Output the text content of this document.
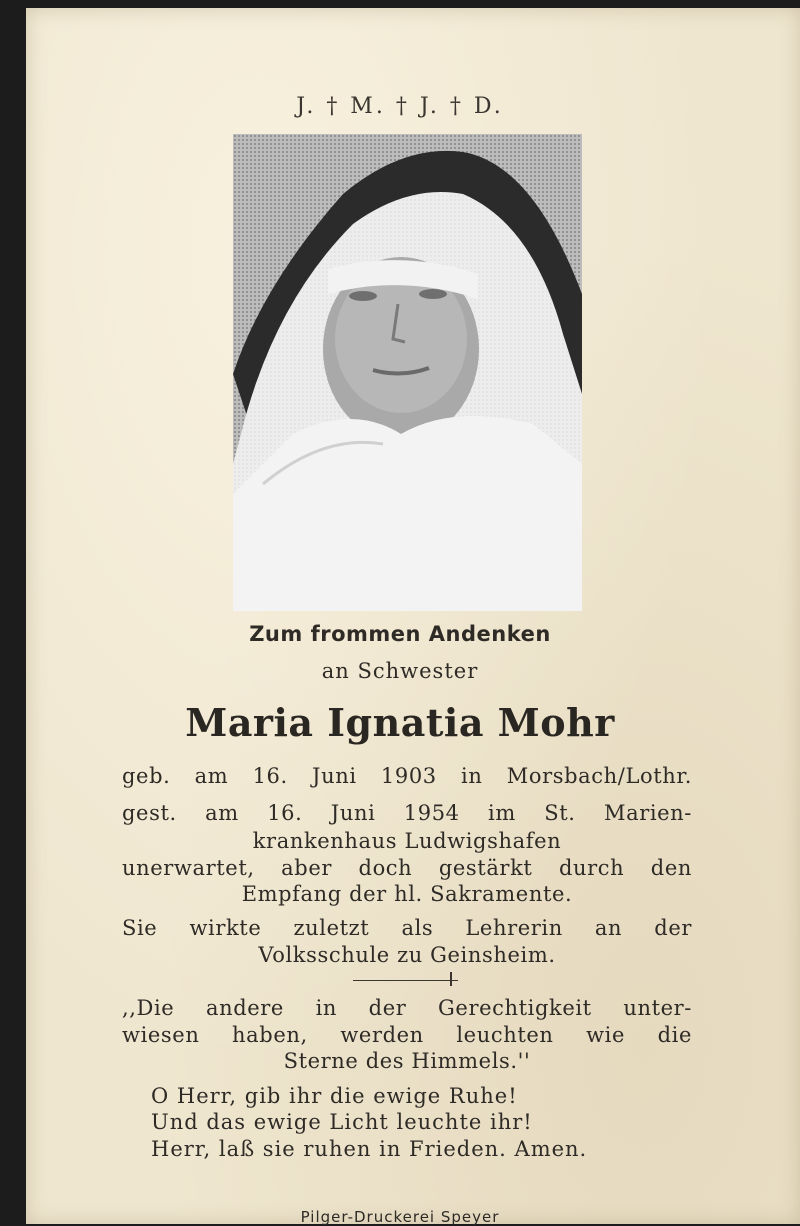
J. † M. † J. † D.
Zum frommen Andenken
an Schwester
Maria Ignatia Mohr
geb. am 16. Juni 1903 in Morsbach/Lothr.
gest. am 16. Juni 1954 im St. Marien-
krankenhaus Ludwigshafen
unerwartet, aber doch gestärkt durch den
Empfang der hl. Sakramente.
Sie wirkte zuletzt als Lehrerin an der
Volksschule zu Geinsheim.
,,Die andere in der Gerechtigkeit unter-
wiesen haben, werden leuchten wie die
Sterne des Himmels.''
O Herr, gib ihr die ewige Ruhe!
Und das ewige Licht leuchte ihr!
Herr, laß sie ruhen in Frieden. Amen.
Pilger-Druckerei Speyer
